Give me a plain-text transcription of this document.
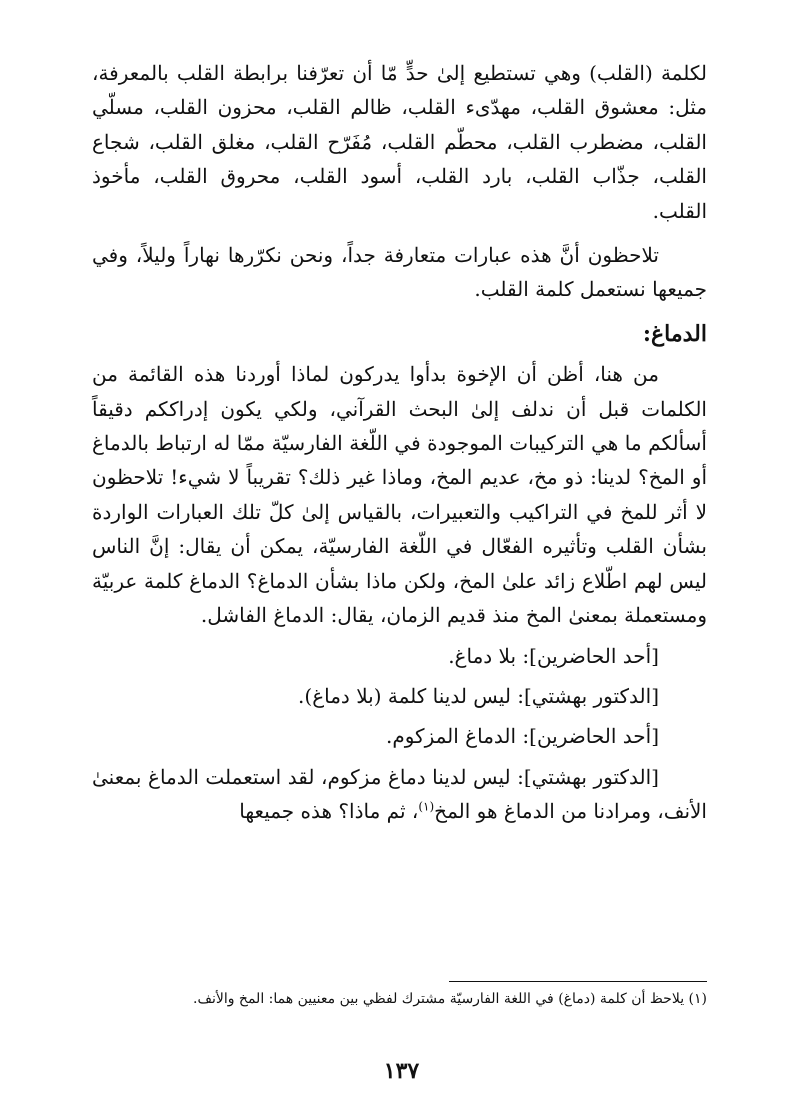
لكلمة (القلب) وهي تستطيع إلىٰ حدٍّ مّا أن تعرّفنا برابطة القلب بالمعرفة، مثل: معشوق القلب، مهدّىء القلب، ظالم القلب، محزون القلب، مسلّي القلب، مضطرب القلب، محطّم القلب، مُفَرّح القلب، مغلق القلب، شجاع القلب، جذّاب القلب، بارد القلب، أسود القلب، محروق القلب، مأخوذ القلب.

تلاحظون أنَّ هذه عبارات متعارفة جداً، ونحن نكرّرها نهاراً وليلاً، وفي جميعها نستعمل كلمة القلب.

الدماغ:

من هنا، أظن أن الإخوة بدأوا يدركون لماذا أوردنا هذه القائمة من الكلمات قبل أن ندلف إلىٰ البحث القرآني، ولكي يكون إدراككم دقيقاً أسألكم ما هي التركيبات الموجودة في اللّغة الفارسيّة ممّا له ارتباط بالدماغ أو المخ؟ لدينا: ذو مخ، عديم المخ، وماذا غير ذلك؟ تقريباً لا شيء! تلاحظون لا أثر للمخ في التراكيب والتعبيرات، بالقياس إلىٰ كلّ تلك العبارات الواردة بشأن القلب وتأثيره الفعّال في اللّغة الفارسيّة، يمكن أن يقال: إنَّ الناس ليس لهم اطّلاع زائد علىٰ المخ، ولكن ماذا بشأن الدماغ؟ الدماغ كلمة عربيّة ومستعملة بمعنىٰ المخ منذ قديم الزمان، يقال: الدماغ الفاشل.

[أحد الحاضرين]: بلا دماغ.

[الدكتور بهشتي]: ليس لدينا كلمة (بلا دماغ).

[أحد الحاضرين]: الدماغ المزكوم.

[الدكتور بهشتي]: ليس لدينا دماغ مزكوم، لقد استعملت الدماغ بمعنىٰ الأنف، ومرادنا من الدماغ هو المخ$^{(١)}$، ثم ماذا؟ هذه جميعها

(١) يلاحظ أن كلمة (دماغ) في اللغة الفارسيّة مشترك لفظي بين معنيين هما: المخ والأنف.
١٣٧
